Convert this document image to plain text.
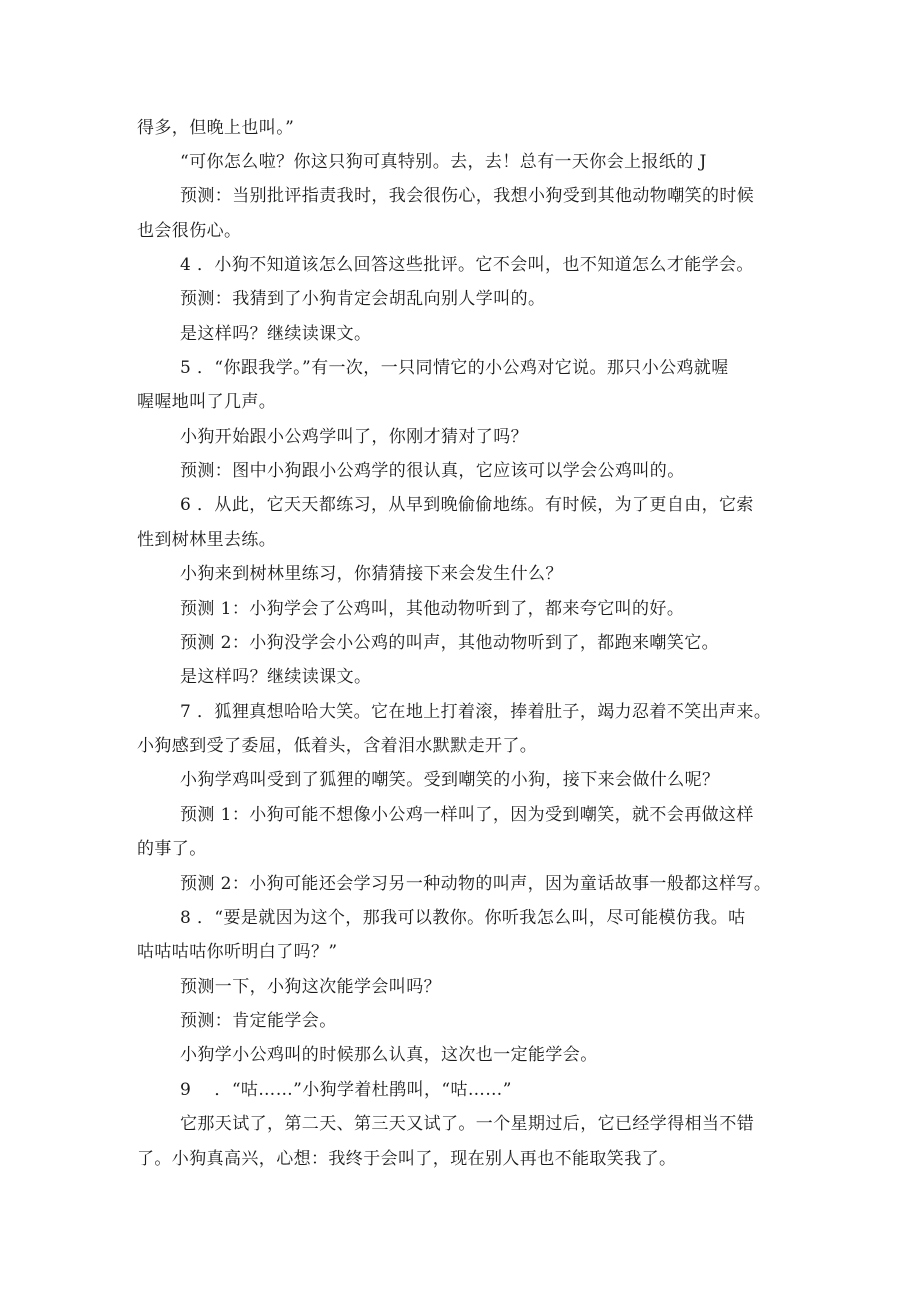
得多，但晚上也叫。”
“可你怎么啦？你这只狗可真特别。去，去！总有一天你会上报纸的 J
预测：当别批评指责我时，我会很伤心，我想小狗受到其他动物嘲笑的时候
也会很伤心。
4 ．小狗不知道该怎么回答这些批评。它不会叫，也不知道怎么才能学会。
预测：我猜到了小狗肯定会胡乱向别人学叫的。
是这样吗？继续读课文。
5 ．“你跟我学。”有一次，一只同情它的小公鸡对它说。那只小公鸡就喔
喔喔地叫了几声。
小狗开始跟小公鸡学叫了，你刚才猜对了吗？
预测：图中小狗跟小公鸡学的很认真，它应该可以学会公鸡叫的。
6 ．从此，它天天都练习，从早到晚偷偷地练。有时候，为了更自由，它索
性到树林里去练。
小狗来到树林里练习，你猜猜接下来会发生什么？
预测 1：小狗学会了公鸡叫，其他动物听到了，都来夸它叫的好。
预测 2：小狗没学会小公鸡的叫声，其他动物听到了，都跑来嘲笑它。
是这样吗？继续读课文。
7 ．狐狸真想哈哈大笑。它在地上打着滚，捧着肚子，竭力忍着不笑出声来。
小狗感到受了委屈，低着头，含着泪水默默走开了。
小狗学鸡叫受到了狐狸的嘲笑。受到嘲笑的小狗，接下来会做什么呢？
预测 1：小狗可能不想像小公鸡一样叫了，因为受到嘲笑，就不会再做这样
的事了。
预测 2：小狗可能还会学习另一种动物的叫声，因为童话故事一般都这样写。
8 ．“要是就因为这个，那我可以教你。你听我怎么叫，尽可能模仿我。咕
咕咕咕咕你听明白了吗？”
预测一下，小狗这次能学会叫吗？
预测：肯定能学会。
小狗学小公鸡叫的时候那么认真，这次也一定能学会。
9 　．“咕……”小狗学着杜鹃叫，“咕……”
它那天试了，第二天、第三天又试了。一个星期过后，它已经学得相当不错
了。小狗真高兴，心想：我终于会叫了，现在别人再也不能取笑我了。
